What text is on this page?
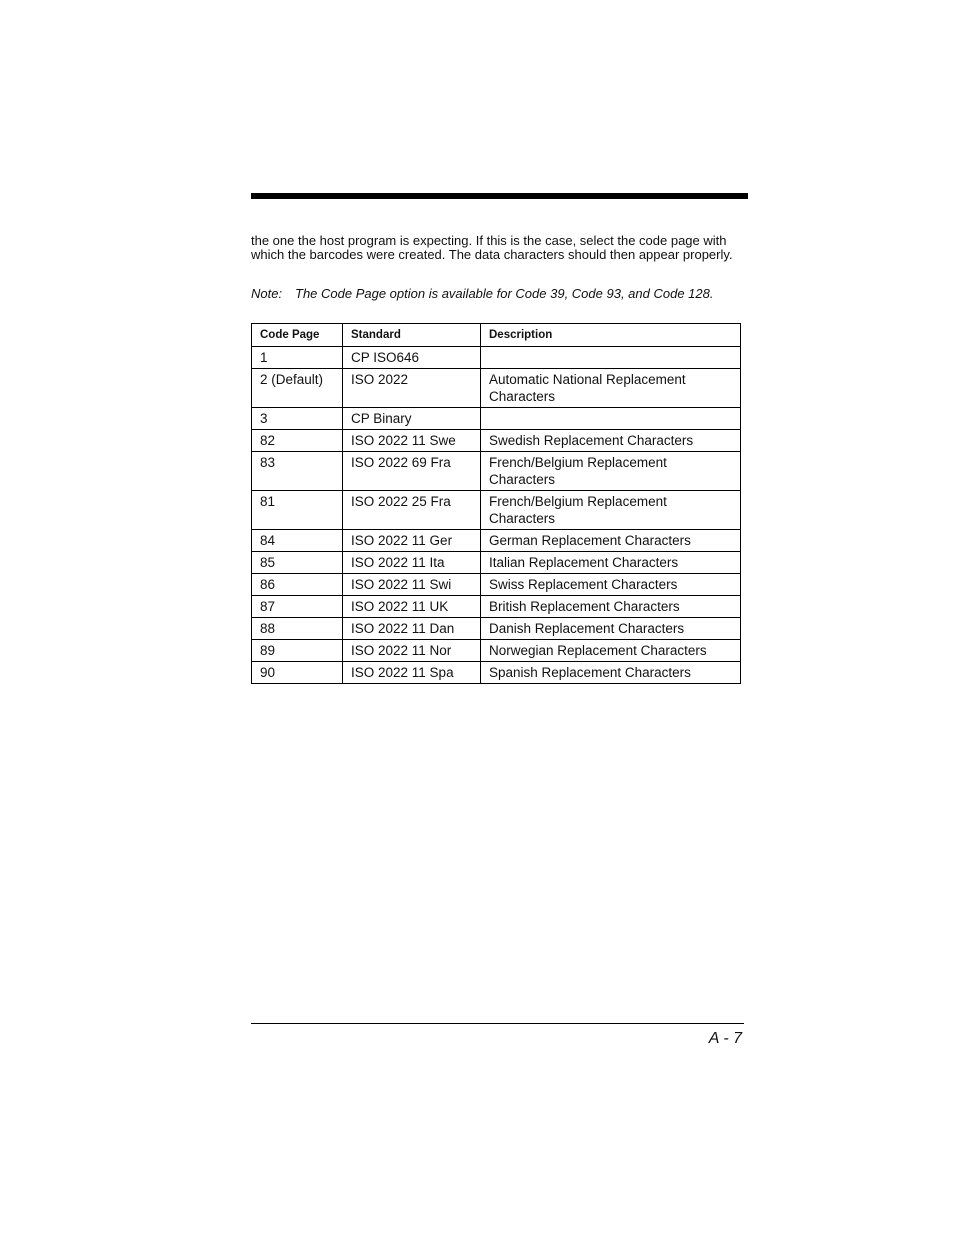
the one the host program is expecting. If this is the case, select the code page with which the barcodes were created. The data characters should then appear properly.

Note: The Code Page option is available for Code 39, Code 93, and Code 128.

Code Page	Standard	Description
1	CP ISO646	
2 (Default)	ISO 2022	Automatic National Replacement Characters
3	CP Binary	
82	ISO 2022 11 Swe	Swedish Replacement Characters
83	ISO 2022 69 Fra	French/Belgium Replacement Characters
81	ISO 2022 25 Fra	French/Belgium Replacement Characters
84	ISO 2022 11 Ger	German Replacement Characters
85	ISO 2022 11 Ita	Italian Replacement Characters
86	ISO 2022 11 Swi	Swiss Replacement Characters
87	ISO 2022 11 UK	British Replacement Characters
88	ISO 2022 11 Dan	Danish Replacement Characters
89	ISO 2022 11 Nor	Norwegian Replacement Characters
90	ISO 2022 11 Spa	Spanish Replacement Characters
A - 7
